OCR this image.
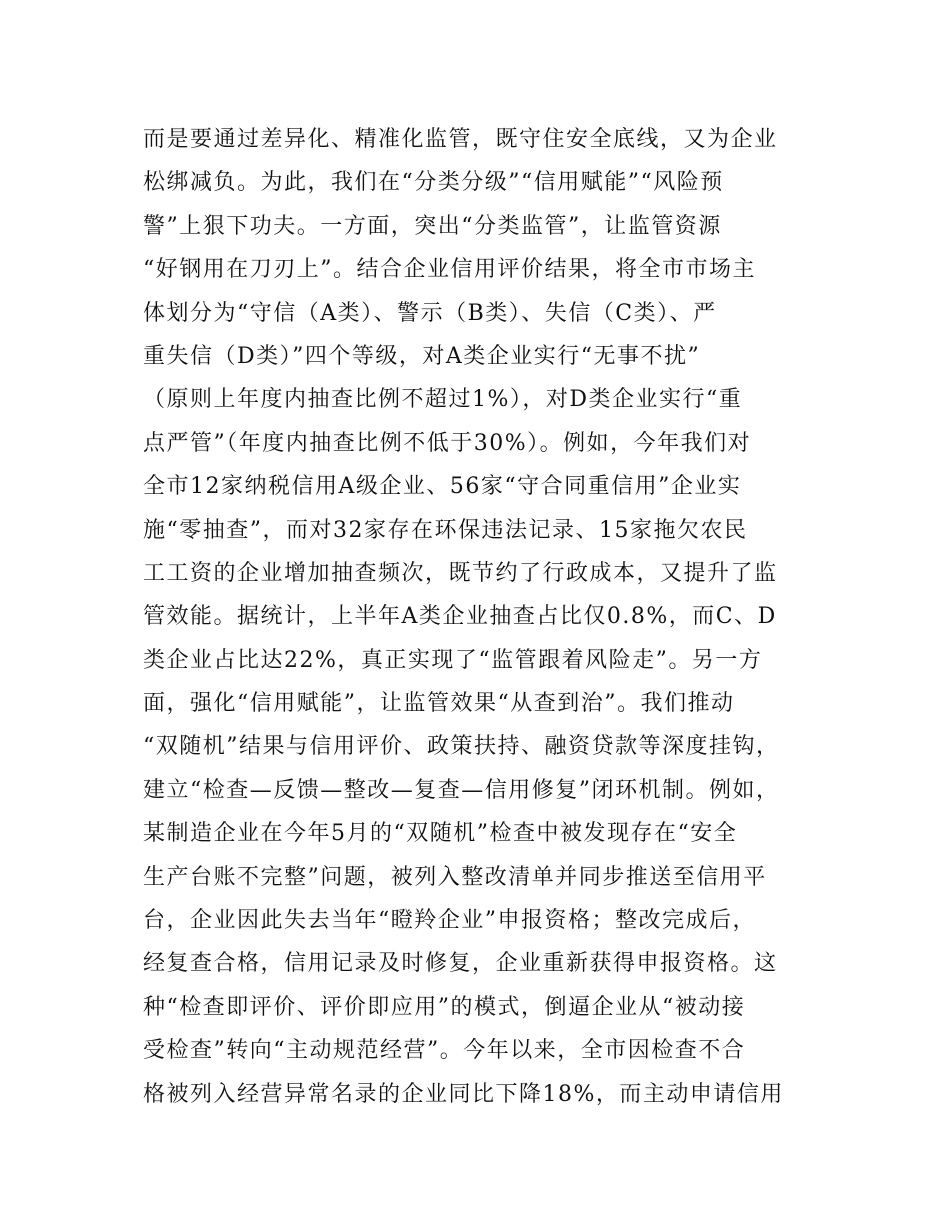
而是要通过差异化、精准化监管，既守住安全底线，又为企业
松绑减负。为此，我们在“分类分级”“信用赋能”“风险预
警”上狠下功夫。一方面，突出“分类监管”，让监管资源
“好钢用在刀刃上”。结合企业信用评价结果，将全市市场主
体划分为“守信（A类）、警示（B类）、失信（C类）、严
重失信（D类）”四个等级，对A类企业实行“无事不扰”
（原则上年度内抽查比例不超过1%），对D类企业实行“重
点严管”（年度内抽查比例不低于30%）。例如，今年我们对
全市12家纳税信用A级企业、56家“守合同重信用”企业实
施“零抽查”，而对32家存在环保违法记录、15家拖欠农民
工工资的企业增加抽查频次，既节约了行政成本，又提升了监
管效能。据统计，上半年A类企业抽查占比仅0.8%，而C、D
类企业占比达22%，真正实现了“监管跟着风险走”。另一方
面，强化“信用赋能”，让监管效果“从查到治”。我们推动
“双随机”结果与信用评价、政策扶持、融资贷款等深度挂钩，
建立“检查—反馈—整改—复查—信用修复”闭环机制。例如，
某制造企业在今年5月的“双随机”检查中被发现存在“安全
生产台账不完整”问题，被列入整改清单并同步推送至信用平
台，企业因此失去当年“瞪羚企业”申报资格；整改完成后，
经复查合格，信用记录及时修复，企业重新获得申报资格。这
种“检查即评价、评价即应用”的模式，倒逼企业从“被动接
受检查”转向“主动规范经营”。今年以来，全市因检查不合
格被列入经营异常名录的企业同比下降18%，而主动申请信用
